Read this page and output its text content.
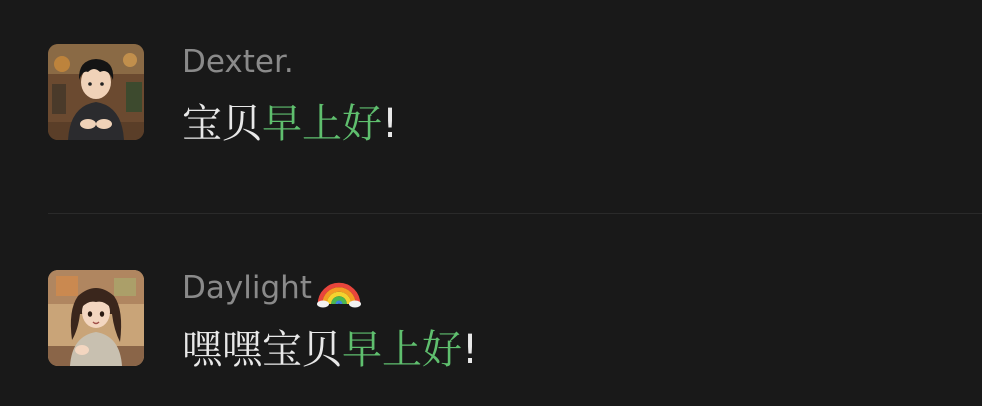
Dexter.
宝贝早上好!
Daylight
嘿嘿宝贝早上好!
